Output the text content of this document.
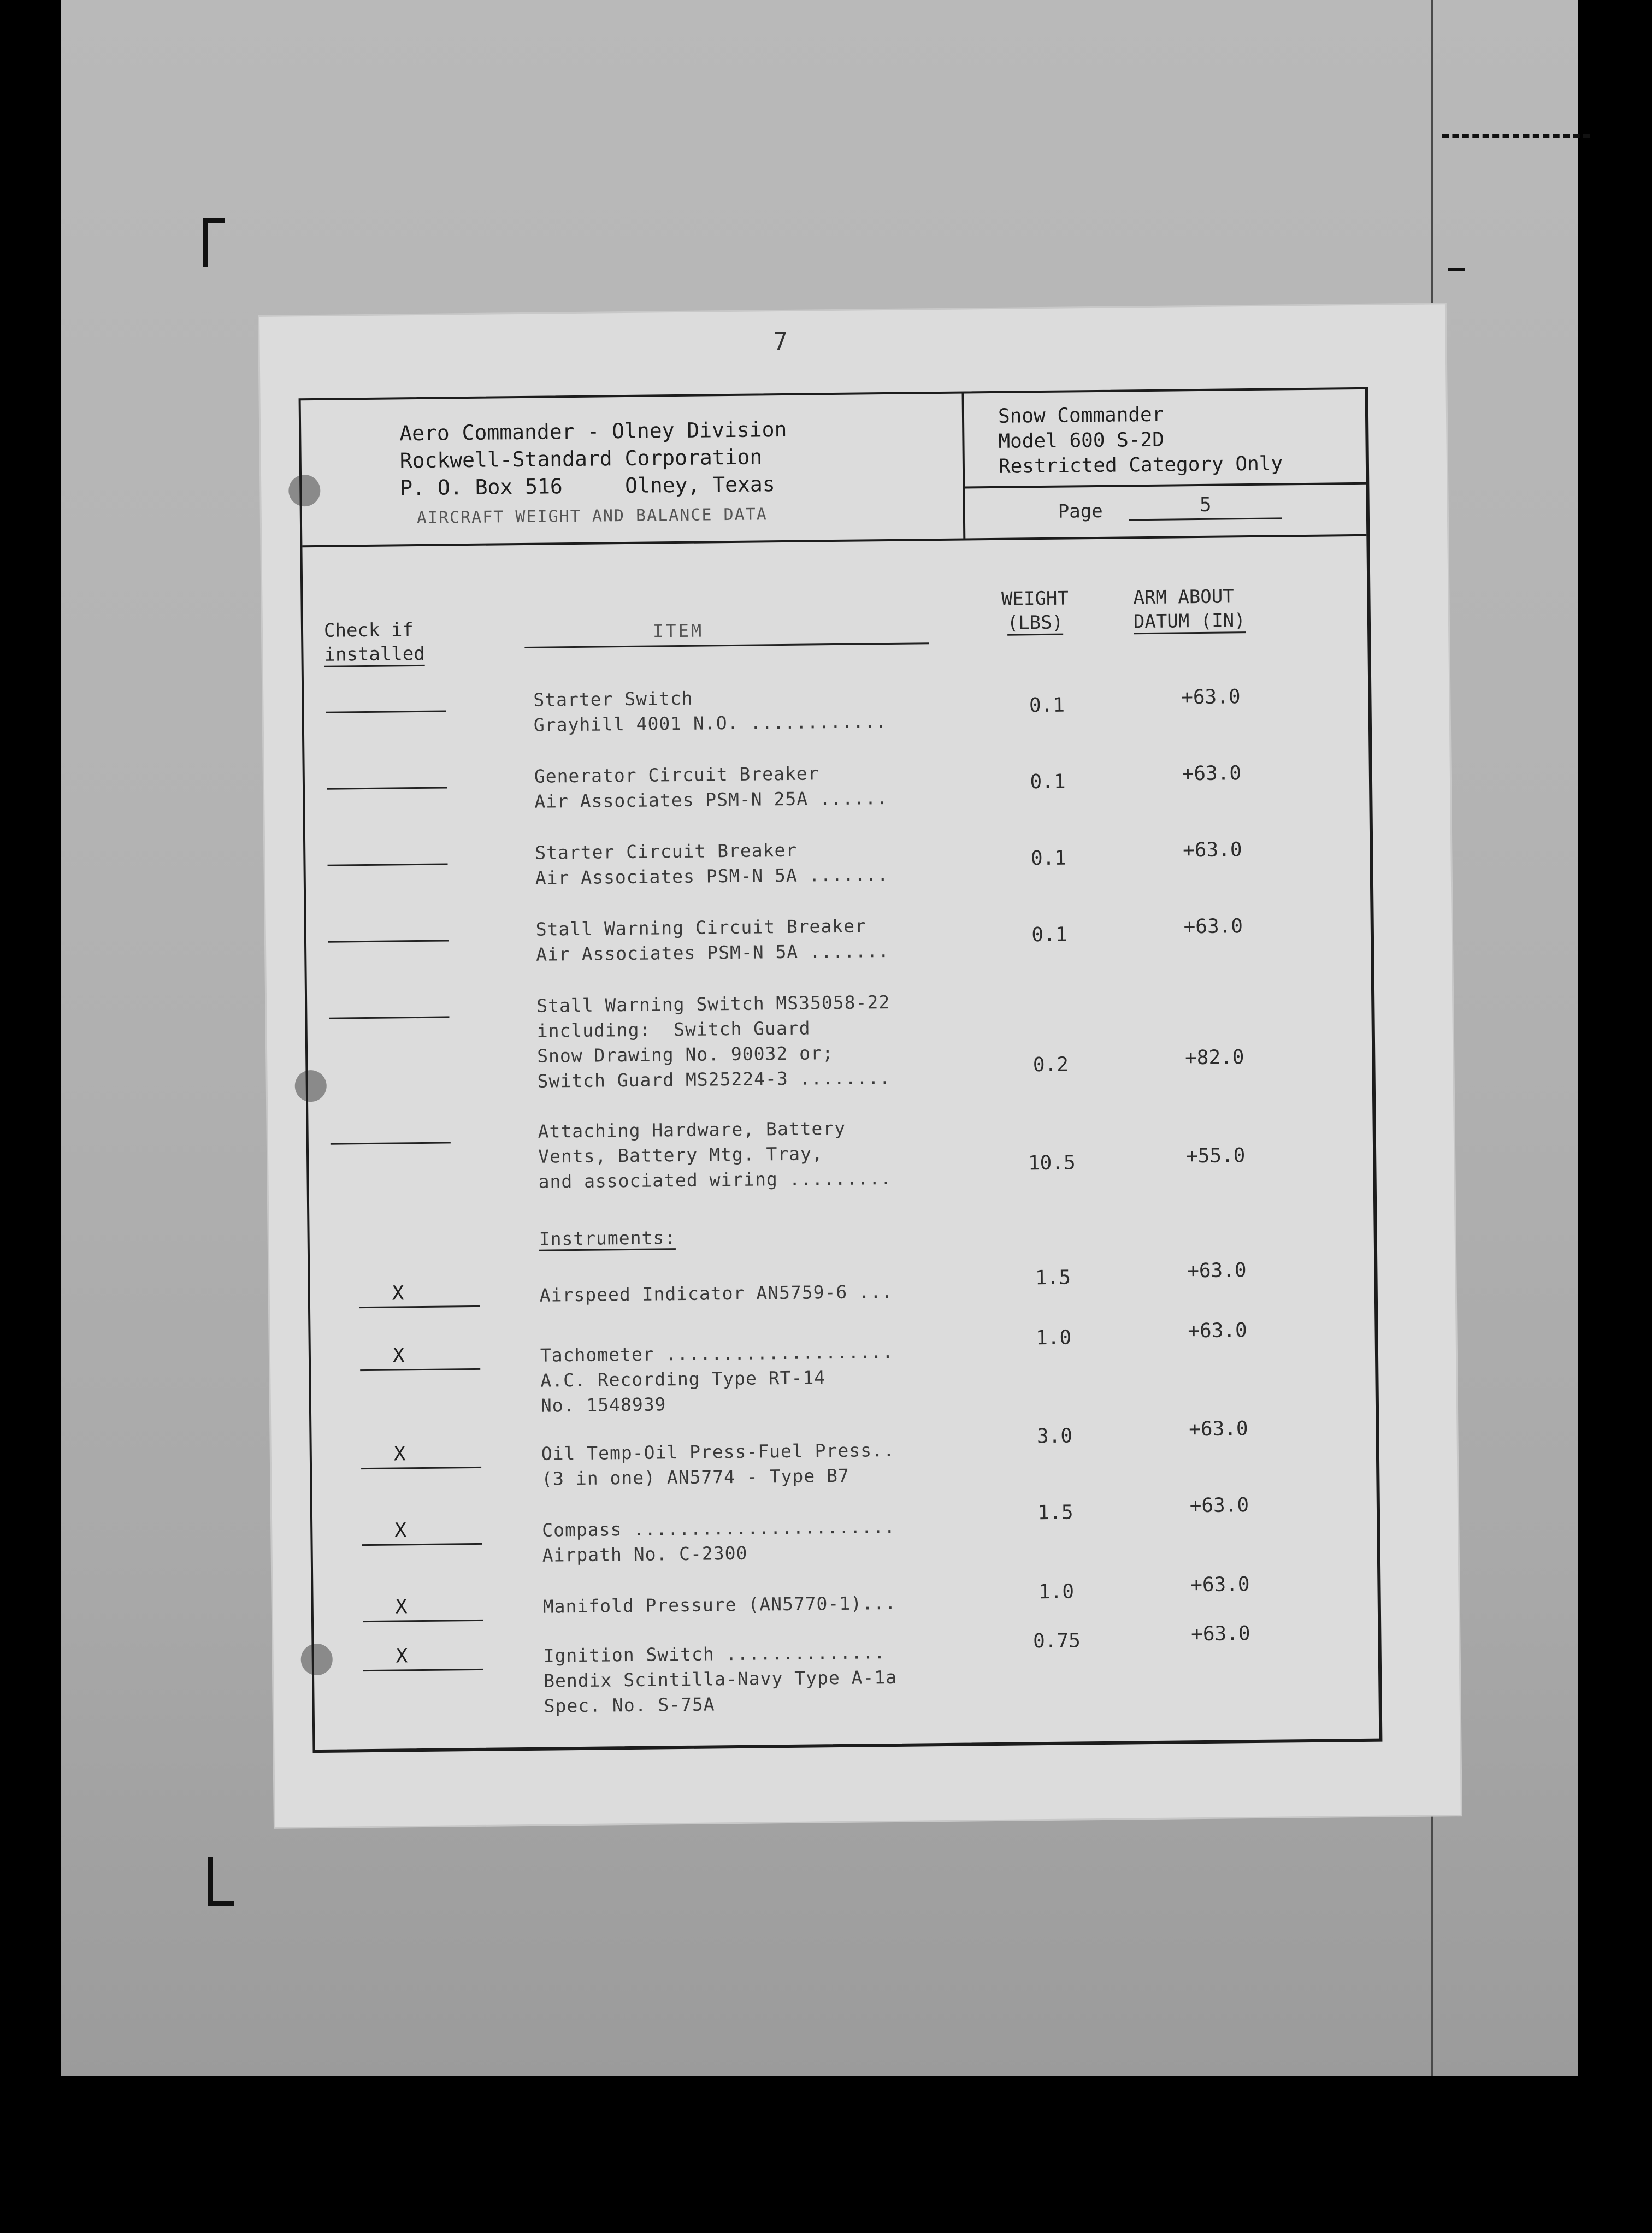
7
Aero Commander - Olney Division
Rockwell-Standard Corporation
P. O. Box 516     Olney, Texas
AIRCRAFT WEIGHT AND BALANCE DATA
Snow Commander
Model 600 S-2D
Restricted Category Only
Page	5
Check if
installed
ITEM
WEIGHT
(LBS)
ARM ABOUT
DATUM (IN)
Starter Switch
Grayhill 4001 N.O. ............
0.1	+63.0
Generator Circuit Breaker
Air Associates PSM-N 25A ......
0.1	+63.0
Starter Circuit Breaker
Air Associates PSM-N 5A .......
0.1	+63.0
Stall Warning Circuit Breaker
Air Associates PSM-N 5A .......
0.1	+63.0
Stall Warning Switch MS35058-22
including:  Switch Guard
Snow Drawing No. 90032 or;
Switch Guard MS25224-3 ........
0.2	+82.0
Attaching Hardware, Battery
Vents, Battery Mtg. Tray,
and associated wiring .........
10.5	+55.0
Instruments:
X	Airspeed Indicator AN5759-6 ...
1.5	+63.0
X	Tachometer ....................
A.C. Recording Type RT-14
No. 1548939
1.0	+63.0
X	Oil Temp-Oil Press-Fuel Press..
(3 in one) AN5774 - Type B7
3.0	+63.0
X	Compass .......................
Airpath No. C-2300
1.5	+63.0
X	Manifold Pressure (AN5770-1)...
1.0	+63.0
X	Ignition Switch ..............
Bendix Scintilla-Navy Type A-1a
Spec. No. S-75A
0.75	+63.0
